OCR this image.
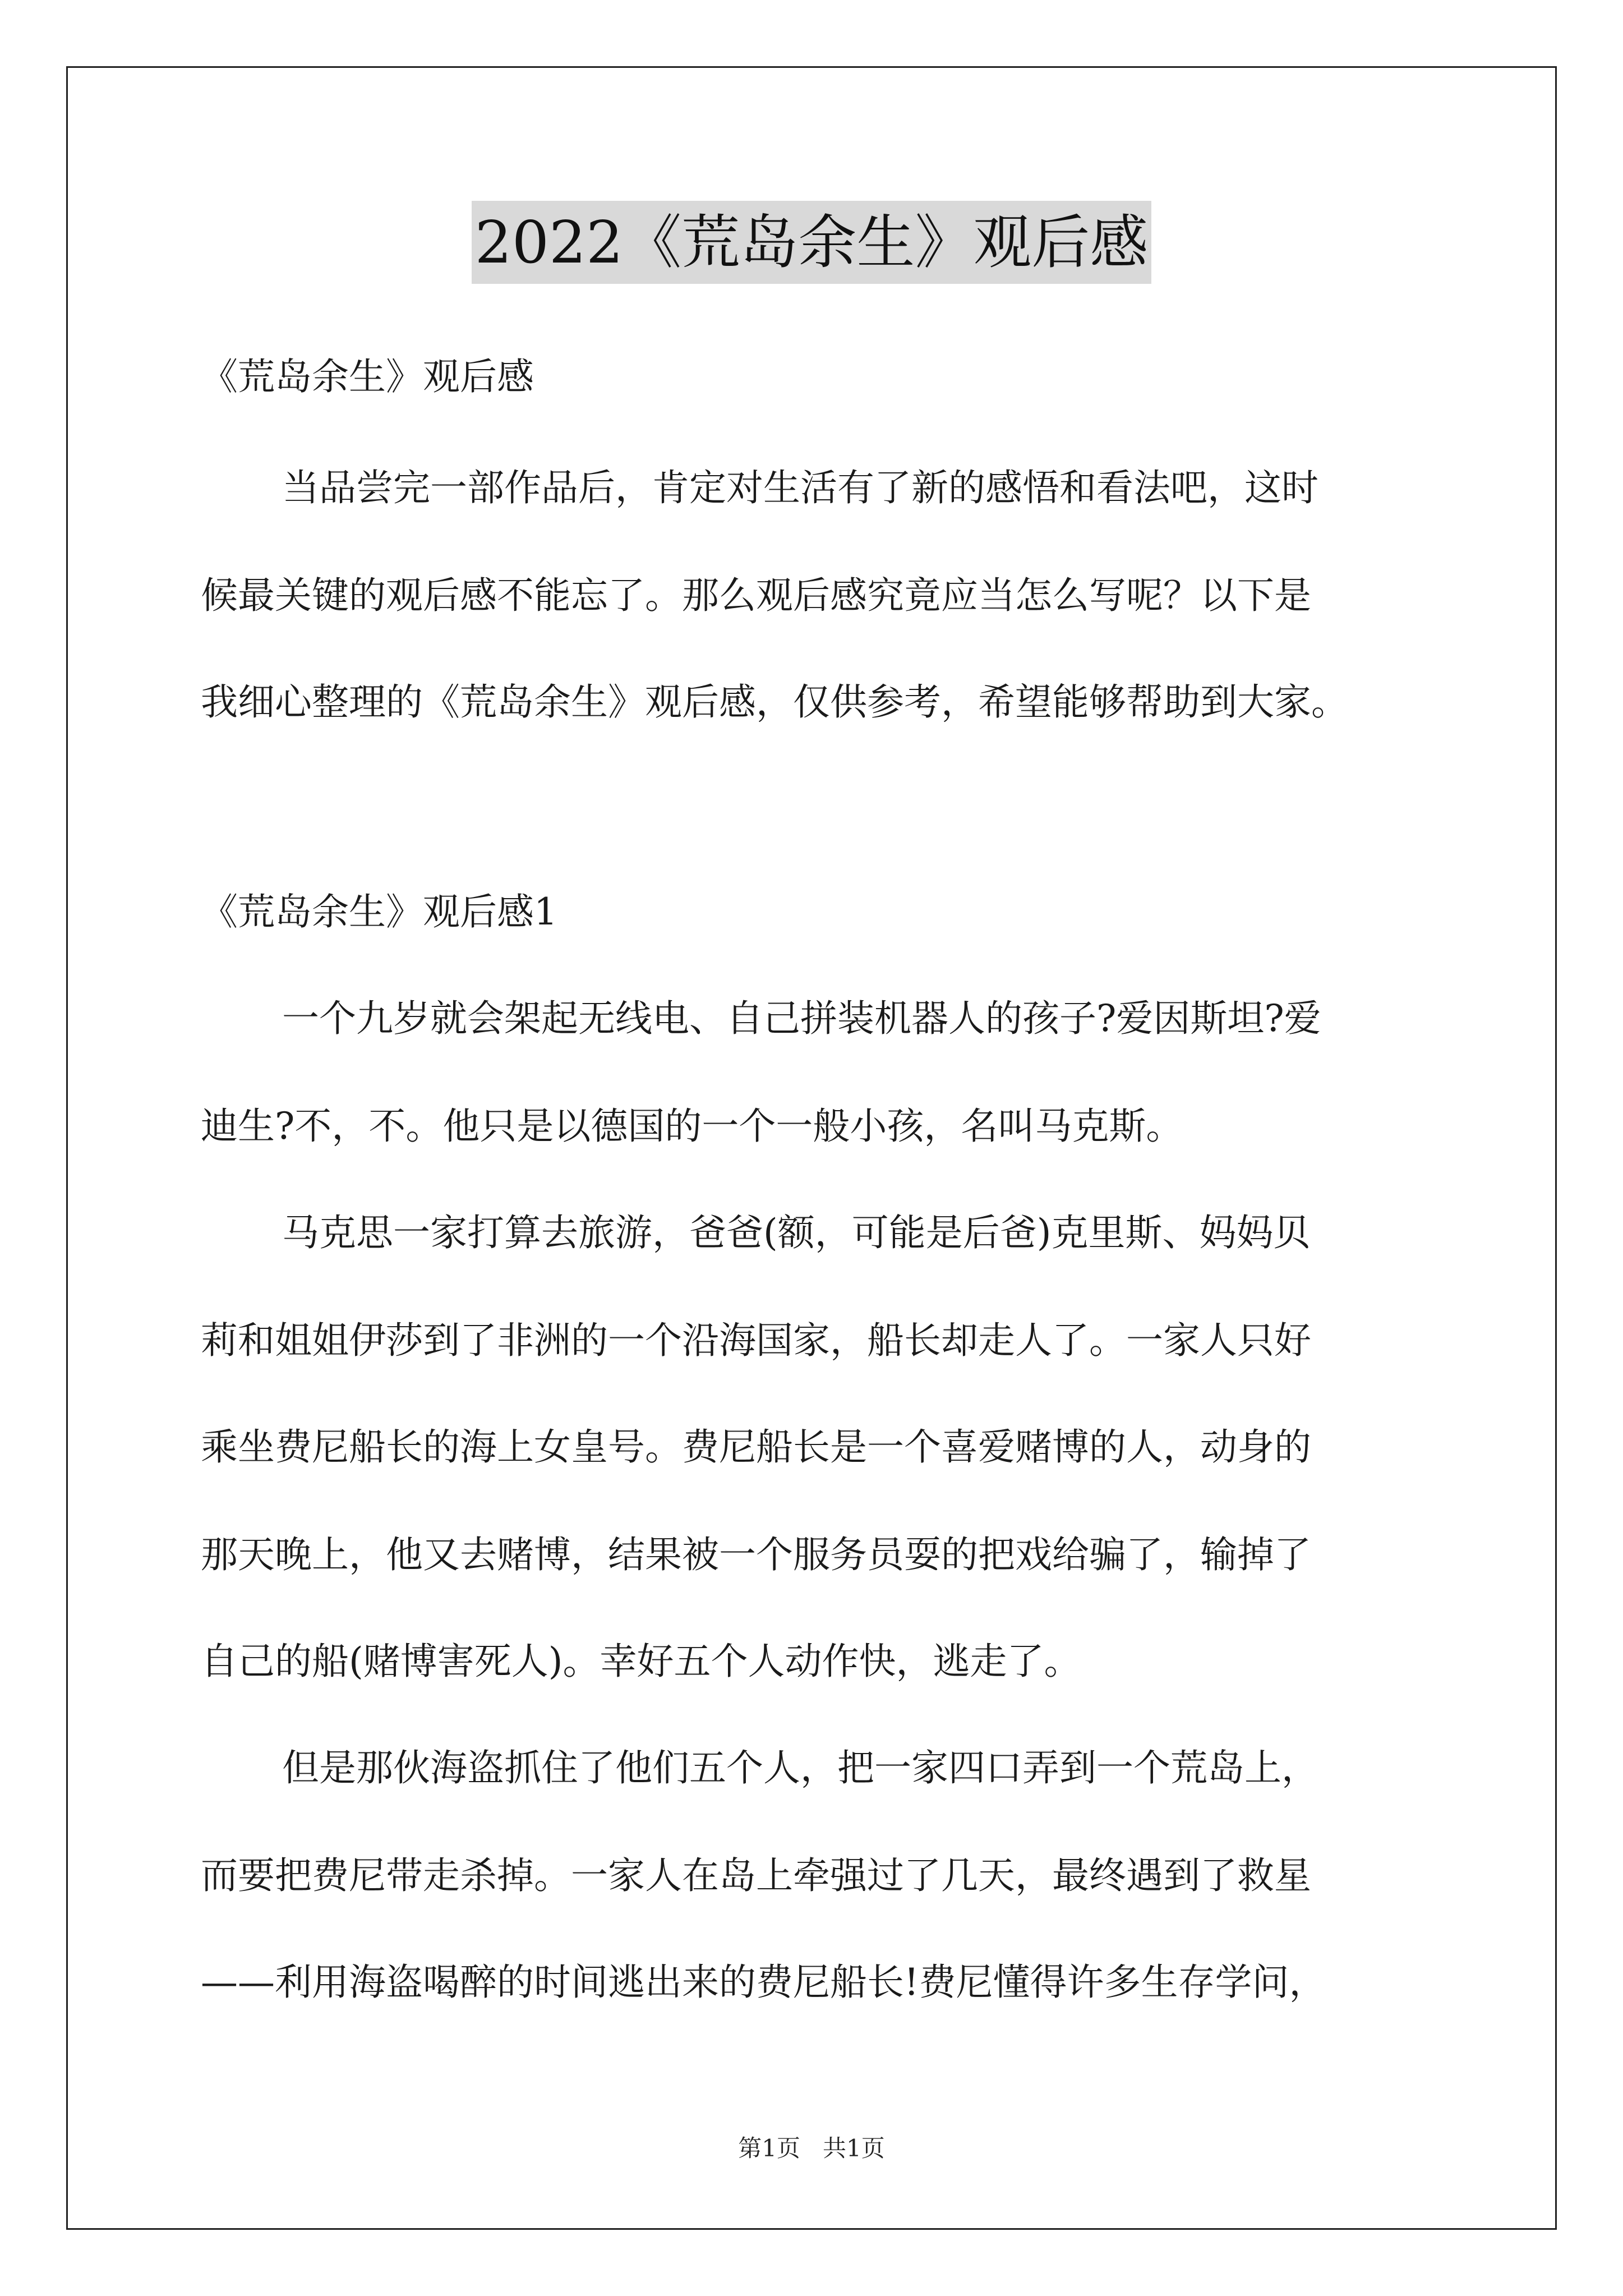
2022《荒岛余生》观后感
《荒岛余生》观后感
当品尝完一部作品后，肯定对生活有了新的感悟和看法吧，这时
候最关键的观后感不能忘了。那么观后感究竟应当怎么写呢？以下是
我细心整理的《荒岛余生》观后感，仅供参考，希望能够帮助到大家。
《荒岛余生》观后感1
一个九岁就会架起无线电、自己拼装机器人的孩子?爱因斯坦?爱
迪生?不，不。他只是以德国的一个一般小孩，名叫马克斯。
马克思一家打算去旅游，爸爸(额，可能是后爸)克里斯、妈妈贝
莉和姐姐伊莎到了非洲的一个沿海国家，船长却走人了。一家人只好
乘坐费尼船长的海上女皇号。费尼船长是一个喜爱赌博的人，动身的
那天晚上，他又去赌博，结果被一个服务员耍的把戏给骗了，输掉了
自己的船(赌博害死人)。幸好五个人动作快，逃走了。
但是那伙海盗抓住了他们五个人，把一家四口弄到一个荒岛上，
而要把费尼带走杀掉。一家人在岛上牵强过了几天，最终遇到了救星
——利用海盗喝醉的时间逃出来的费尼船长!费尼懂得许多生存学问，
第1页 共1页
